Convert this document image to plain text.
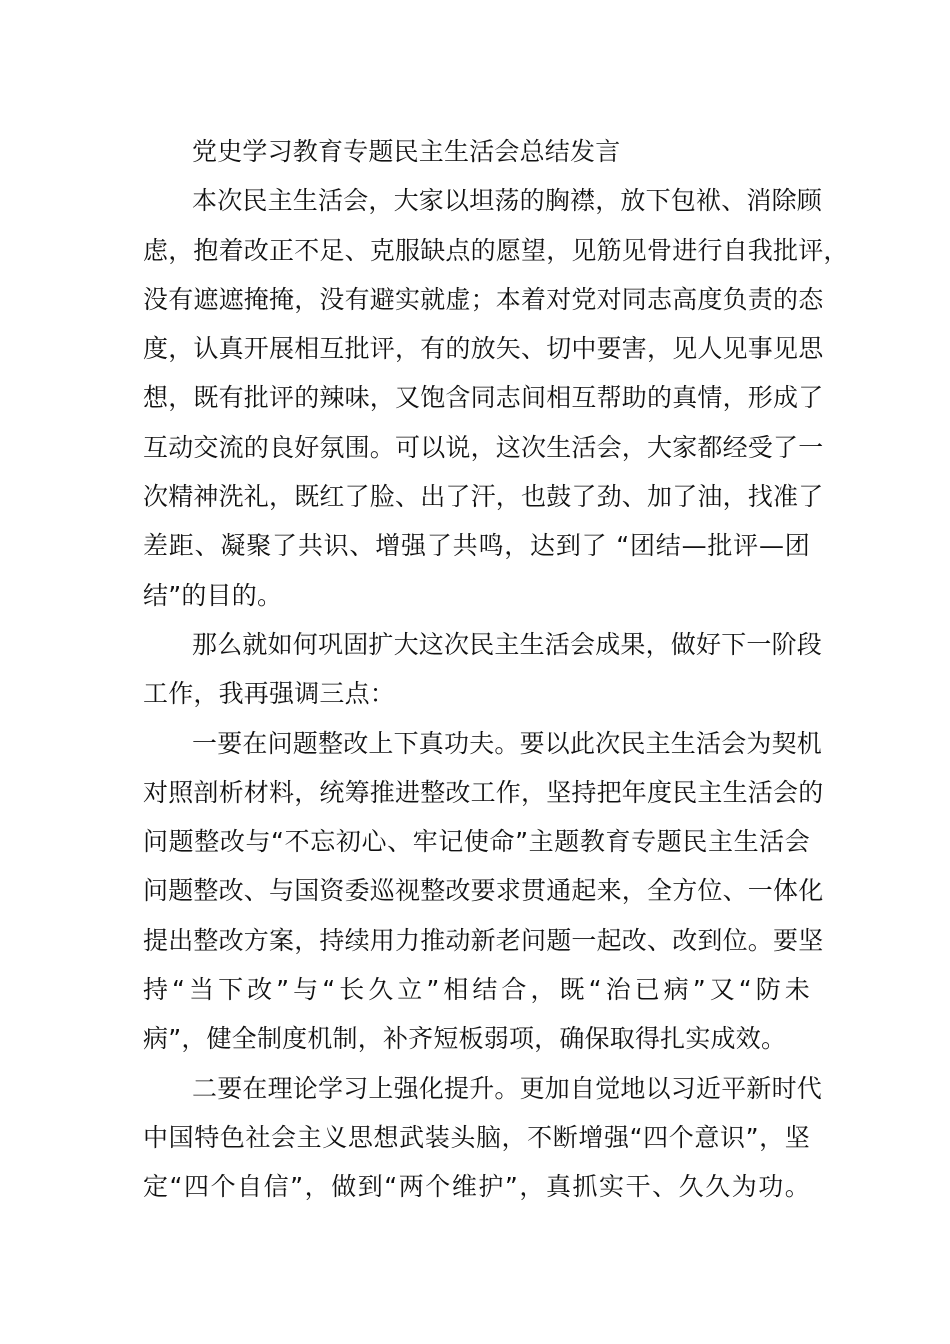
党史学习教育专题民主生活会总结发言
本次民主生活会，大家以坦荡的胸襟，放下包袱、消除顾
虑，抱着改正不足、克服缺点的愿望，见筋见骨进行自我批评，
没有遮遮掩掩，没有避实就虚；本着对党对同志高度负责的态
度，认真开展相互批评，有的放矢、切中要害，见人见事见思
想，既有批评的辣味，又饱含同志间相互帮助的真情，形成了
互动交流的良好氛围。可以说，这次生活会，大家都经受了一
次精神洗礼，既红了脸、出了汗，也鼓了劲、加了油，找准了
差距、凝聚了共识、增强了共鸣，达到了 “团结—批评—团
结”的目的。
那么就如何巩固扩大这次民主生活会成果，做好下一阶段
工作，我再强调三点：
一要在问题整改上下真功夫。要以此次民主生活会为契机
对照剖析材料，统筹推进整改工作，坚持把年度民主生活会的
问题整改与“不忘初心、牢记使命”主题教育专题民主生活会
问题整改、与国资委巡视整改要求贯通起来，全方位、一体化
提出整改方案，持续用力推动新老问题一起改、改到位。要坚
持“当下改”与“长久立”相结合，既“治已病”又“防未
病”，健全制度机制，补齐短板弱项，确保取得扎实成效。
二要在理论学习上强化提升。更加自觉地以习近平新时代
中国特色社会主义思想武装头脑，不断增强“四个意识”，坚
定“四个自信”，做到“两个维护”，真抓实干、久久为功。
